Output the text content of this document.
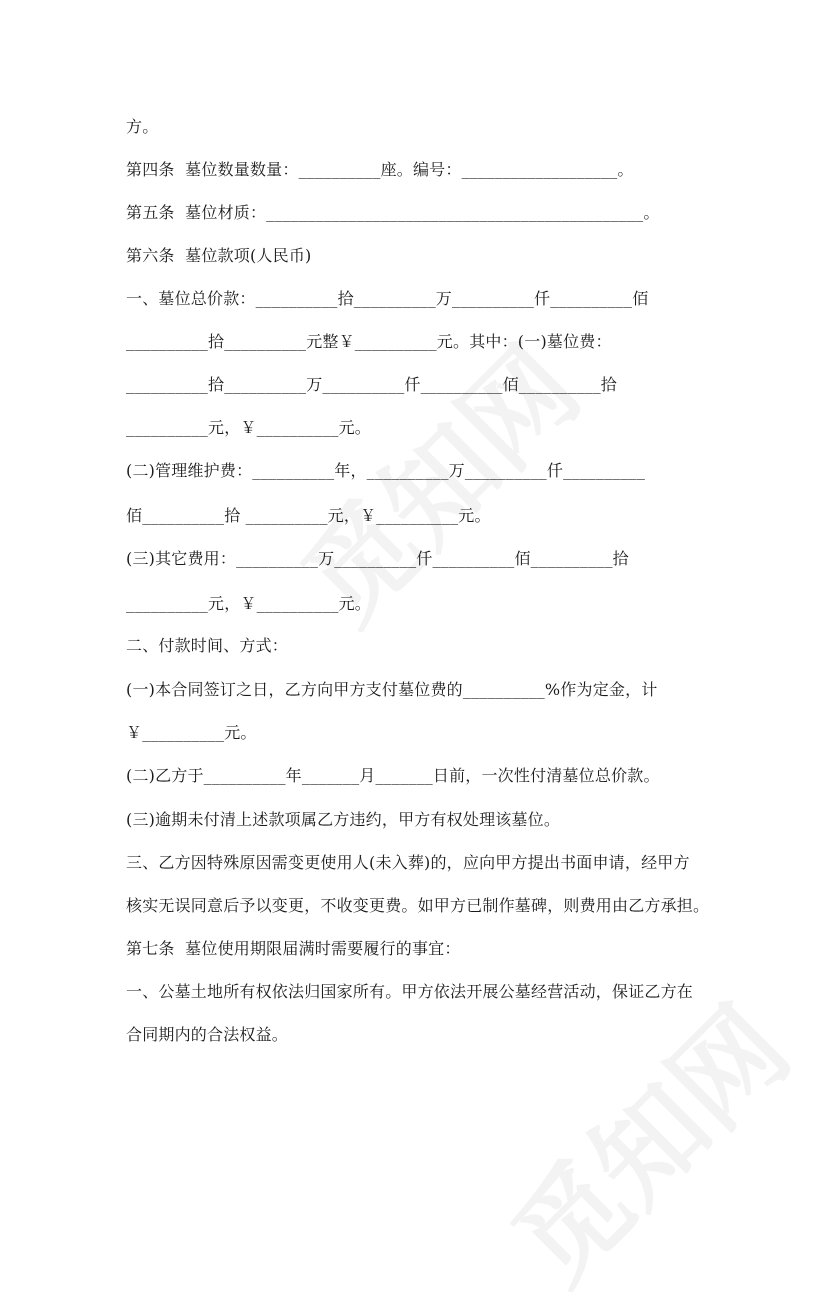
方。
第四条  墓位数量数量：__________座。编号：___________________。
第五条  墓位材质：______________________________________________。
第六条  墓位款项(人民币)
一、墓位总价款：__________拾__________万__________仟__________佰
__________拾__________元整￥__________元。其中：(一)墓位费：
__________拾__________万__________仟__________佰__________拾
__________元，￥__________元。
(二)管理维护费：__________年，__________万__________仟__________
佰__________拾 __________元，￥__________元。
(三)其它费用：__________万__________仟__________佰__________拾
__________元，￥__________元。
二、付款时间、方式：
(一)本合同签订之日，乙方向甲方支付墓位费的__________%作为定金，计
￥__________元。
(二)乙方于__________年_______月_______日前，一次性付清墓位总价款。
(三)逾期未付清上述款项属乙方违约，甲方有权处理该墓位。
三、乙方因特殊原因需变更使用人(未入葬)的，应向甲方提出书面申请，经甲方
核实无误同意后予以变更，不收变更费。如甲方已制作墓碑，则费用由乙方承担。
第七条  墓位使用期限届满时需要履行的事宜：
一、公墓土地所有权依法归国家所有。甲方依法开展公墓经营活动，保证乙方在
合同期内的合法权益。
